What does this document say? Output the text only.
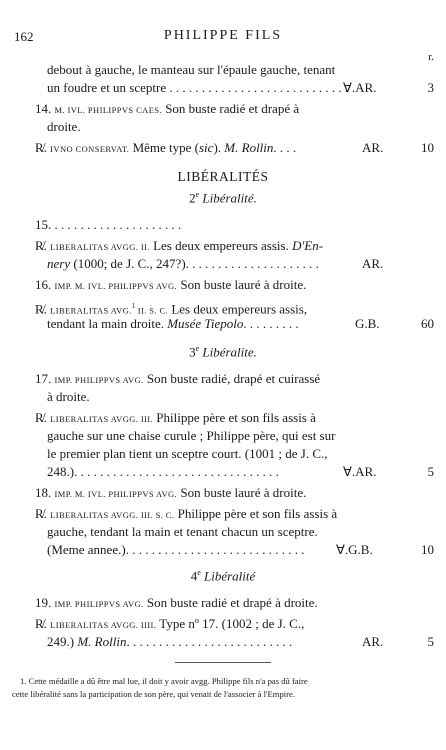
162	PHILIPPE FILS
r.
debout à gauche, le manteau sur l'épaule gauche, tenant
un foudre et un sceptre . . . . . . . . . . . . . . . . . . . . . . . . . . . .
Ɐ.AR.	3
14. M. IVL. PHILIPPVS CAES. Son buste radié et drapé à
droite.
R̸. IVNO CONSERVAT. Même type (sic). M. Rollin. . . .	AR.	10
LIBÉRALITÉS
2e Libéralité.
15. . . . . . . . . . . . . . . . . . . . .
R̸. LIBERALITAS AVGG. II. Les deux empereurs assis. D'En-
nery (1000; de J. C., 247?). . . . . . . . . . . . . . . . . . . . .	AR.
16. IMP. M. IVL. PHILIPPVS AVG. Son buste lauré à droite.
R̸. LIBERALITAS AVG.$^1$ II. S. C. Les deux empereurs assis,
tendant la main droite. Musée Tiepolo. . . . . . . . .	G.B.	60
3e Libéralite.
17. IMP. PHILIPPVS AVG. Son buste radié, drapé et cuirassé
à droite.
R̸. LIBERALITAS AVGG. III. Philippe père et son fils assis à
gauche sur une chaise curule ; Philippe père, qui est sur
le premier plan tient un sceptre court. (1001 ; de J. C.,
248.). . . . . . . . . . . . . . . . . . . . . . . . . . . . . . . .	Ɐ.AR.	5
18. IMP. M. IVL. PHILIPPVS AVG. Son buste lauré à droite.
R̸. LIBERALITAS AVGG. III. S. C. Philippe père et son fils assis à
gauche, tendant la main et tenant chacun un sceptre.
(Meme annee.). . . . . . . . . . . . . . . . . . . . . . . . . . . . Ɐ.G.B.	10
4e Libéralité
19. IMP. PHILIPPVS AVG. Son buste radié et drapé à droite.
R̸. LIBERALITAS AVGG. IIII. Type nº 17. (1002 ; de J. C.,
249.) M. Rollin. . . . . . . . . . . . . . . . . . . . . . . . . .	AR.	5
1. Cette médaille a dû être mal lue, il doit y avoir avgg. Philippe fils n'a pas dû faire
cette libéralité sans la participation de son père, qui venait de l'associer à l'Empire.
